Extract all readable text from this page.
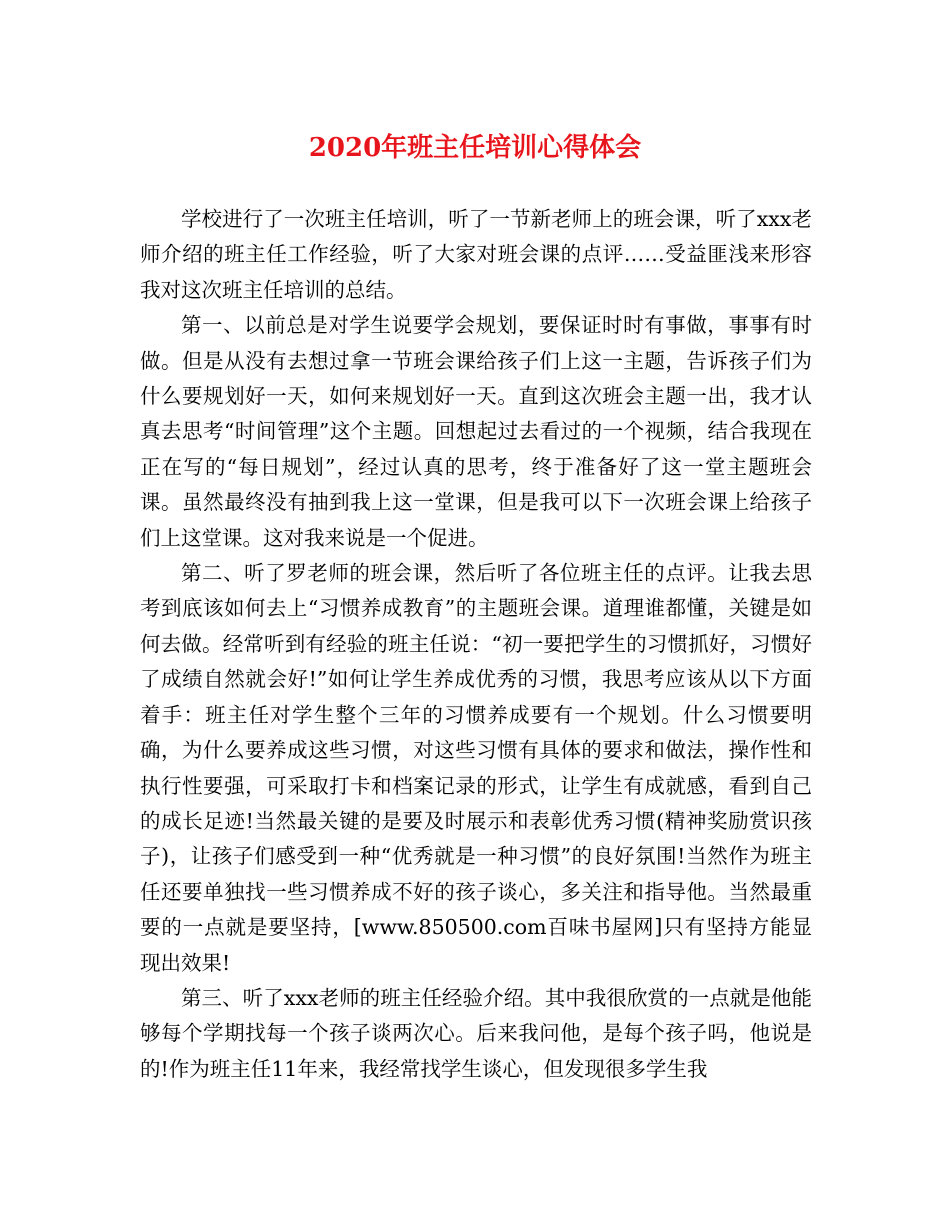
2020年班主任培训心得体会

学校进行了一次班主任培训，听了一节新老师上的班会课，听了xxx老师介绍的班主任工作经验，听了大家对班会课的点评……受益匪浅来形容我对这次班主任培训的总结。

第一、以前总是对学生说要学会规划，要保证时时有事做，事事有时做。但是从没有去想过拿一节班会课给孩子们上这一主题，告诉孩子们为什么要规划好一天，如何来规划好一天。直到这次班会主题一出，我才认真去思考“时间管理”这个主题。回想起过去看过的一个视频，结合我现在正在写的“每日规划”，经过认真的思考，终于准备好了这一堂主题班会课。虽然最终没有抽到我上这一堂课，但是我可以下一次班会课上给孩子们上这堂课。这对我来说是一个促进。

第二、听了罗老师的班会课，然后听了各位班主任的点评。让我去思考到底该如何去上“习惯养成教育”的主题班会课。道理谁都懂，关键是如何去做。经常听到有经验的班主任说：“初一要把学生的习惯抓好，习惯好了成绩自然就会好!”如何让学生养成优秀的习惯，我思考应该从以下方面着手：班主任对学生整个三年的习惯养成要有一个规划。什么习惯要明确，为什么要养成这些习惯，对这些习惯有具体的要求和做法，操作性和执行性要强，可采取打卡和档案记录的形式，让学生有成就感，看到自己的成长足迹!当然最关键的是要及时展示和表彰优秀习惯(精神奖励赏识孩子)，让孩子们感受到一种“优秀就是一种习惯”的良好氛围!当然作为班主任还要单独找一些习惯养成不好的孩子谈心，多关注和指导他。当然最重要的一点就是要坚持，[www.850500.com百味书屋网]只有坚持方能显现出效果!

第三、听了xxx老师的班主任经验介绍。其中我很欣赏的一点就是他能够每个学期找每一个孩子谈两次心。后来我问他，是每个孩子吗，他说是的!作为班主任11年来，我经常找学生谈心，但发现很多学生我
